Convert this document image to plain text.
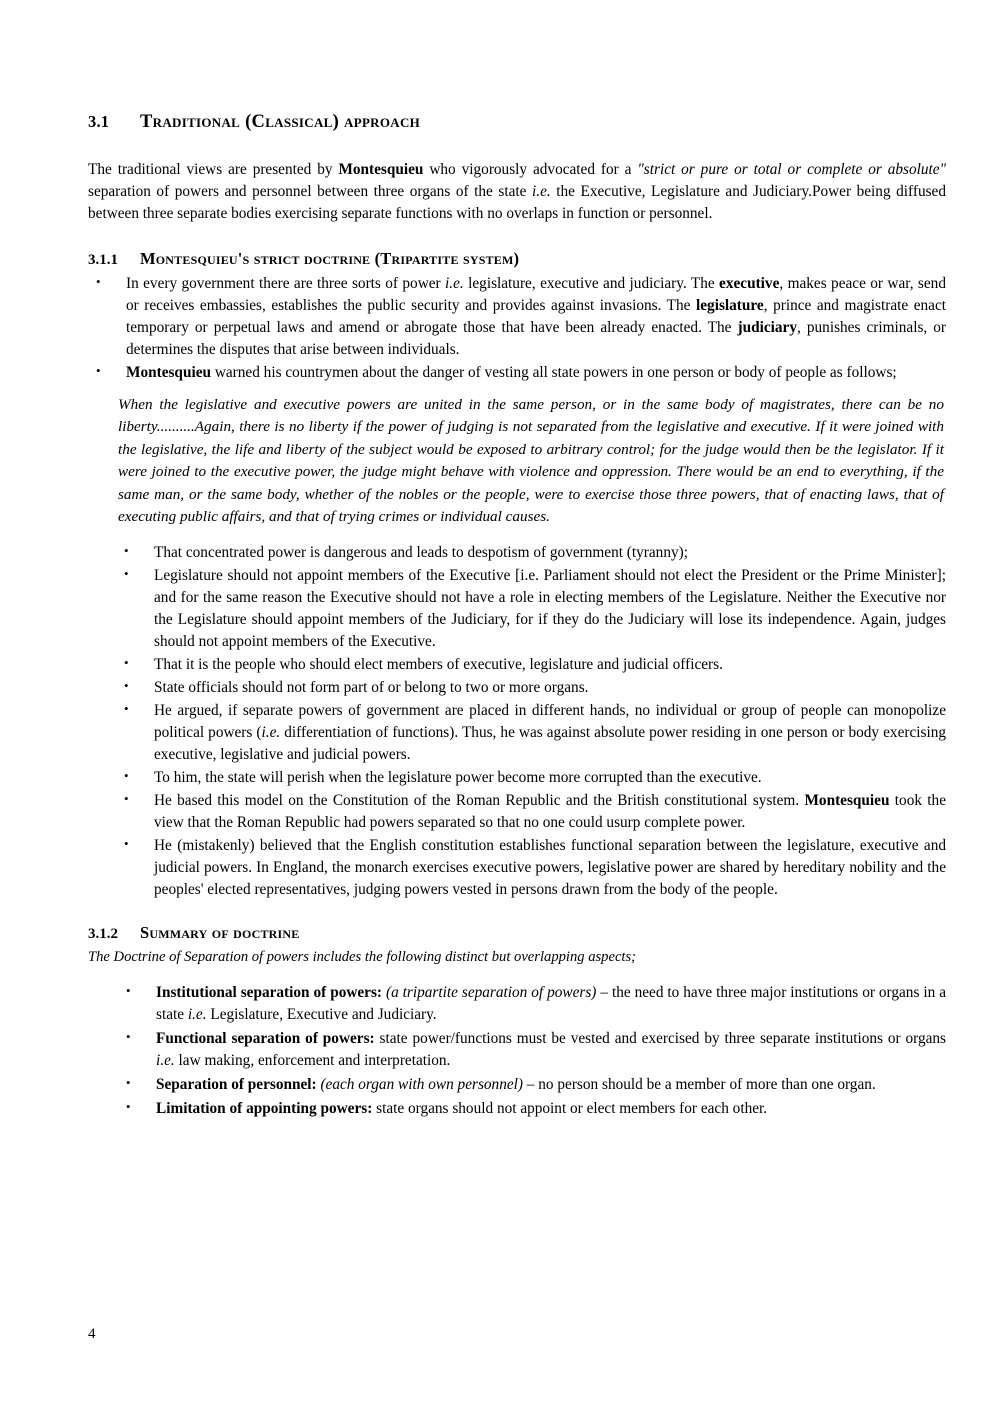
3.1 Traditional (Classical) approach

The traditional views are presented by Montesquieu who vigorously advocated for a "strict or pure or total or complete or absolute" separation of powers and personnel between three organs of the state i.e. the Executive, Legislature and Judiciary.Power being diffused between three separate bodies exercising separate functions with no overlaps in function or personnel.

3.1.1 Montesquieu's strict doctrine (Tripartite system)
•	In every government there are three sorts of power i.e. legislature, executive and judiciary. The executive, makes peace or war, send or receives embassies, establishes the public security and provides against invasions. The legislature, prince and magistrate enact temporary or perpetual laws and amend or abrogate those that have been already enacted. The judiciary, punishes criminals, or determines the disputes that arise between individuals.
•	Montesquieu warned his countrymen about the danger of vesting all state powers in one person or body of people as follows;
When the legislative and executive powers are united in the same person, or in the same body of magistrates, there can be no liberty..........Again, there is no liberty if the power of judging is not separated from the legislative and executive. If it were joined with the legislative, the life and liberty of the subject would be exposed to arbitrary control; for the judge would then be the legislator. If it were joined to the executive power, the judge might behave with violence and oppression. There would be an end to everything, if the same man, or the same body, whether of the nobles or the people, were to exercise those three powers, that of enacting laws, that of executing public affairs, and that of trying crimes or individual causes.
•	That concentrated power is dangerous and leads to despotism of government (tyranny);
•	Legislature should not appoint members of the Executive [i.e. Parliament should not elect the President or the Prime Minister]; and for the same reason the Executive should not have a role in electing members of the Legislature. Neither the Executive nor the Legislature should appoint members of the Judiciary, for if they do the Judiciary will lose its independence. Again, judges should not appoint members of the Executive.
•	That it is the people who should elect members of executive, legislature and judicial officers.
•	State officials should not form part of or belong to two or more organs.
•	He argued, if separate powers of government are placed in different hands, no individual or group of people can monopolize political powers (i.e. differentiation of functions). Thus, he was against absolute power residing in one person or body exercising executive, legislative and judicial powers.
•	To him, the state will perish when the legislature power become more corrupted than the executive.
•	He based this model on the Constitution of the Roman Republic and the British constitutional system. Montesquieu took the view that the Roman Republic had powers separated so that no one could usurp complete power.
•	He (mistakenly) believed that the English constitution establishes functional separation between the legislature, executive and judicial powers. In England, the monarch exercises executive powers, legislative power are shared by hereditary nobility and the peoples' elected representatives, judging powers vested in persons drawn from the body of the people.
3.1.2 Summary of doctrine
The Doctrine of Separation of powers includes the following distinct but overlapping aspects;
•	Institutional separation of powers: (a tripartite separation of powers) – the need to have three major institutions or organs in a state i.e. Legislature, Executive and Judiciary.
•	Functional separation of powers: state power/functions must be vested and exercised by three separate institutions or organs i.e. law making, enforcement and interpretation.
•	Separation of personnel: (each organ with own personnel) – no person should be a member of more than one organ.
•	Limitation of appointing powers: state organs should not appoint or elect members for each other.
4
